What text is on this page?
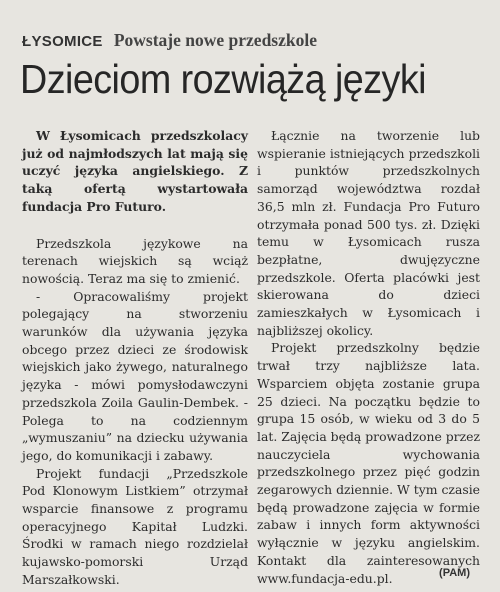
ŁYSOMICE Powstaje nowe przedszkole
Dzieciom rozwiążą języki

W Łysomicach przedszkolacy już od najmłodszych lat mają się uczyć języka angielskiego. Z taką ofertą wystartowała fundacja Pro Futuro.

Przedszkola językowe na terenach wiejskich są wciąż nowością. Teraz ma się to zmienić.

- Opracowaliśmy projekt polegający na stworzeniu warunków dla używania języka obcego przez dzieci ze środowisk wiejskich jako żywego, naturalnego języka - mówi pomysłodawczyni przedszkola Zoila Gaulin-Dembek. - Polega to na codziennym „wymuszaniu” na dziecku używania jego, do komunikacji i zabawy.

Projekt fundacji „Przedszkole Pod Klonowym Listkiem” otrzymał wsparcie finansowe z programu operacyjnego Kapitał Ludzki. Środki w ramach niego rozdzielał kujawsko-pomorski Urząd Marszałkowski.

Łącznie na tworzenie lub wspieranie istniejących przedszkoli i punktów przedszkolnych samorząd województwa rozdał 36,5 mln zł. Fundacja Pro Futuro otrzymała ponad 500 tys. zł. Dzięki temu w Łysomicach rusza bezpłatne, dwujęzyczne przedszkole. Oferta placówki jest skierowana do dzieci zamieszkałych w Łysomicach i najbliższej okolicy.

Projekt przedszkolny będzie trwał trzy najbliższe lata. Wsparciem objęta zostanie grupa 25 dzieci. Na początku będzie to grupa 15 osób, w wieku od 3 do 5 lat. Zajęcia będą prowadzone przez nauczyciela wychowania przedszkolnego przez pięć godzin zegarowych dziennie. W tym czasie będą prowadzone zajęcia w formie zabaw i innych form aktywności wyłącznie w języku angielskim. Kontakt dla zainteresowanych www.fundacja-edu.pl.	(PAM)
